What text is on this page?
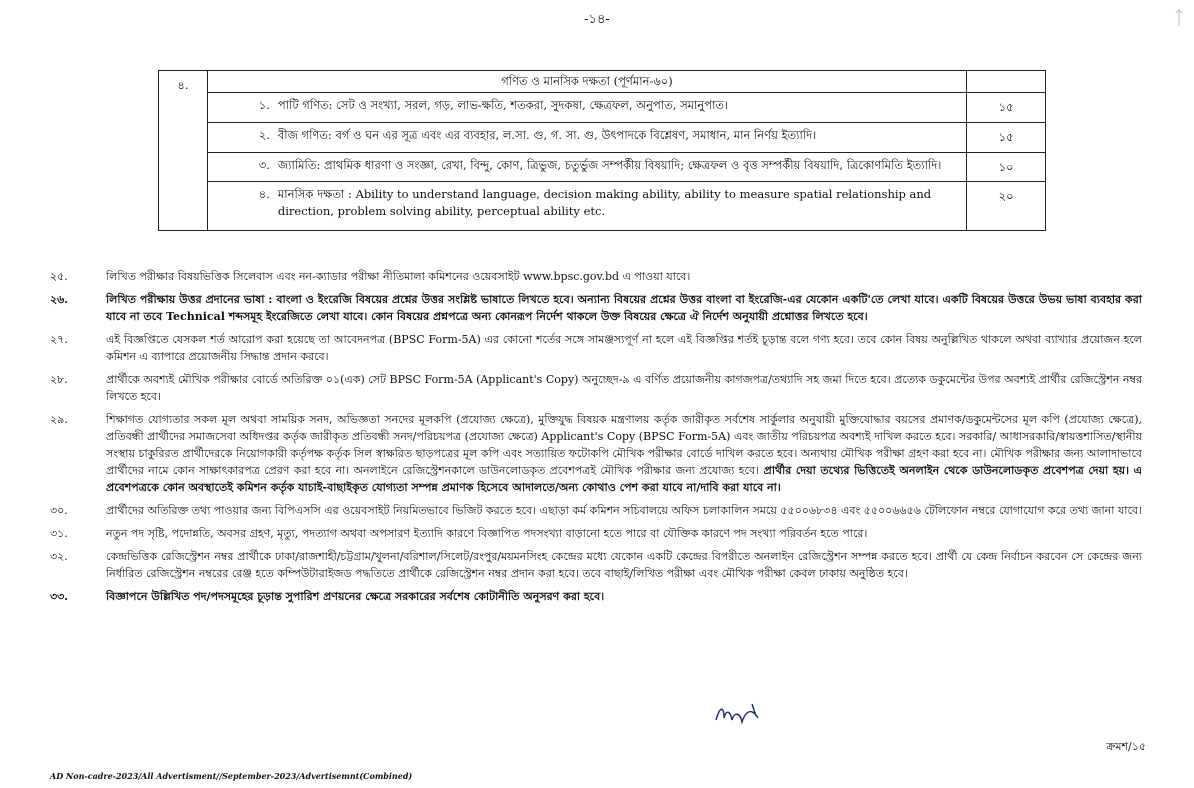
-১৪-
৪.	গণিত ও মানসিক দক্ষতা (পূর্ণমান-৬০)	

	১. পাটি গণিত: সেট ও সংখ্যা, সরল, গড়, লাভ-ক্ষতি, শতকরা, সুদকষা, ক্ষেত্রফল, অনুপাত, সমানুপাত।	১৫

	২. বীজ গণিত: বর্গ ও ঘন এর সূত্র এবং এর ব্যবহার, ল.সা. গু, গ. সা. গু, উৎপাদকে বিশ্লেষণ, সমাধান, মান নির্ণয় ইত্যাদি।	১৫

	৩. জ্যামিতি: প্রাথমিক ধারণা ও সংজ্ঞা, রেখা, বিন্দু, কোণ, ত্রিভুজ, চতুর্ভুজ সম্পর্কীয় বিষয়াদি; ক্ষেত্রফল ও বৃত্ত সম্পর্কীয় বিষয়াদি, ত্রিকোণমিতি ইত্যাদি।	১০

	৪. মানসিক দক্ষতা : Ability to understand language, decision making ability, ability to measure spatial relationship and direction, problem solving ability, perceptual ability etc.	২০
২৫.	লিখিত পরীক্ষার বিষয়ভিত্তিক সিলেবাস এবং নন-ক্যাডার পরীক্ষা নীতিমালা কমিশনের ওয়েবসাইট www.bpsc.gov.bd এ পাওয়া যাবে।
২৬.	লিখিত পরীক্ষায় উত্তর প্রদানের ভাষা : বাংলা ও ইংরেজি বিষয়ের প্রশ্নের উত্তর সংশ্লিষ্ট ভাষাতে লিখতে হবে। অন্যান্য বিষয়ের প্রশ্নের উত্তর বাংলা বা ইংরেজি-এর যেকোন একটি'তে লেখা যাবে। একটি বিষয়ের উত্তরে উভয় ভাষা ব্যবহার করা যাবে না তবে Technical শব্দসমূহ ইংরেজিতে লেখা যাবে। কোন বিষয়ের প্রশ্নপত্রে অন্য কোনরূপ নির্দেশ থাকলে উক্ত বিষয়ের ক্ষেত্রে ঐ নির্দেশ অনুযায়ী প্রশ্নোত্তর লিখতে হবে।
২৭.	এই বিজ্ঞপ্তিতে যেসকল শর্ত আরোপ করা হয়েছে তা আবেদনপত্র (BPSC Form-5A) এর কোনো শর্তের সঙ্গে সামঞ্জস্যপূর্ণ না হলে এই বিজ্ঞপ্তির শর্তই চূড়ান্ত বলে গণ্য হবে। তবে কোন বিষয় অনুল্লিখিত থাকলে অথবা ব্যাখ্যার প্রয়োজন হলে কমিশন এ ব্যাপারে প্রয়োজনীয় সিদ্ধান্ত প্রদান করবে।
২৮.	প্রার্থীকে অবশ্যই মৌখিক পরীক্ষার বোর্ডে অতিরিক্ত ০১(এক) সেট BPSC Form-5A (Applicant's Copy) অনুচ্ছেদ-৯ এ বর্ণিত প্রয়োজনীয় কাগজপত্র/তথ্যাদি সহ জমা দিতে হবে। প্রত্যেক ডকুমেন্টের উপর অবশ্যই প্রার্থীর রেজিস্ট্রেশন নম্বর লিখতে হবে।
২৯.	শিক্ষাগত যোগ্যতার সকল মূল অথবা সাময়িক সনদ, অভিজ্ঞতা সনদের মূলকপি (প্রযোজ্য ক্ষেত্রে), মুক্তিযুদ্ধ বিষয়ক মন্ত্রণালয় কর্তৃক জারীকৃত সর্বশেষ সার্কুলার অনুযায়ী মুক্তিযোদ্ধার বয়সের প্রমাণক/ডকুমেন্টসের মূল কপি (প্রযোজ্য ক্ষেত্রে), প্রতিবন্ধী প্রার্থীদের সমাজসেবা অধিদপ্তর কর্তৃক জারীকৃত প্রতিবন্ধী সনদ/পরিচয়পত্র (প্রযোজ্য ক্ষেত্রে) Applicant's Copy (BPSC Form-5A) এবং জাতীয় পরিচয়পত্র অবশ্যই দাখিল করতে হবে। সরকারি/ আধাসরকারি/স্বায়ত্তশাসিত/স্থানীয় সংস্থায় চাকুরিরত প্রার্থীদেরকে নিয়োগকারী কর্তৃপক্ষ কর্তৃক সিল স্বাক্ষরিত ছাড়পত্রের মূল কপি এবং সত্যায়িত ফটোকপি মৌখিক পরীক্ষার বোর্ডে দাখিল করতে হবে। অন্যথায় মৌখিক পরীক্ষা গ্রহণ করা হবে না। মৌখিক পরীক্ষার জন্য আলাদাভাবে প্রার্থীদের নামে কোন সাক্ষাৎকারপত্র প্রেরণ করা হবে না। অনলাইনে রেজিস্ট্রেশনকালে ডাউনলোডকৃত প্রবেশপত্রই মৌখিক পরীক্ষার জন্য প্রযোজ্য হবে। প্রার্থীর দেয়া তথ্যের ভিত্তিতেই অনলাইন থেকে ডাউনলোডকৃত প্রবেশপত্র দেয়া হয়। এ প্রবেশপত্রকে কোন অবস্থাতেই কমিশন কর্তৃক যাচাই-বাছাইকৃত যোগ্যতা সম্পন্ন প্রমাণক হিসেবে আদালতে/অন্য কোথাও পেশ করা যাবে না/দাবি করা যাবে না।
৩০.	প্রার্থীদের অতিরিক্ত তথ্য পাওয়ার জন্য বিপিএসসি এর ওয়েবসাইট নিয়মিতভাবে ভিজিট করতে হবে। এছাড়া কর্ম কমিশন সচিবালয়ে অফিস চলাকালিন সময়ে ৫৫০০৬৮৩৪ এবং ৫৫০০৬৬৫৬ টেলিফোন নম্বরে যোগাযোগ করে তথ্য জানা যাবে।
৩১.	নতুন পদ সৃষ্টি, পদোন্নতি, অবসর গ্রহণ, মৃত্যু, পদত্যাগ অথবা অপসারণ ইত্যাদি কারণে বিজ্ঞাপিত পদসংখ্যা বাড়ানো হতে পারে বা যৌক্তিক কারণে পদ সংখ্যা পরিবর্তন হতে পারে।
৩২.	কেন্দ্রভিত্তিক রেজিস্ট্রেশন নম্বর প্রার্থীকে ঢাকা/রাজশাহী/চট্টগ্রাম/খুলনা/বরিশাল/সিলেট/রংপুর/ময়মনসিংহ কেন্দ্রের মধ্যে যেকোন একটি কেন্দ্রের বিপরীতে অনলাইন রেজিস্ট্রেশন সম্পন্ন করতে হবে। প্রার্থী যে কেন্দ্র নির্বাচন করবেন সে কেন্দ্রের জন্য নির্ধারিত রেজিস্ট্রেশন নম্বরের রেঞ্জ হতে কম্পিউটারাইজড পদ্ধতিতে প্রার্থীকে রেজিস্ট্রেশন নম্বর প্রদান করা হবে। তবে বাছাই/লিখিত পরীক্ষা এবং মৌখিক পরীক্ষা কেবল ঢাকায় অনুষ্ঠিত হবে।
৩৩.	বিজ্ঞাপনে উল্লিখিত পদ/পদসমূহের চূড়ান্ত সুপারিশ প্রণয়নের ক্ষেত্রে সরকারের সর্বশেষ কোটানীতি অনুসরণ করা হবে।
ক্রমশ/১৫
AD Non-cadre-2023/All Advertisment//September-2023/Advertisemnt(Combined)
